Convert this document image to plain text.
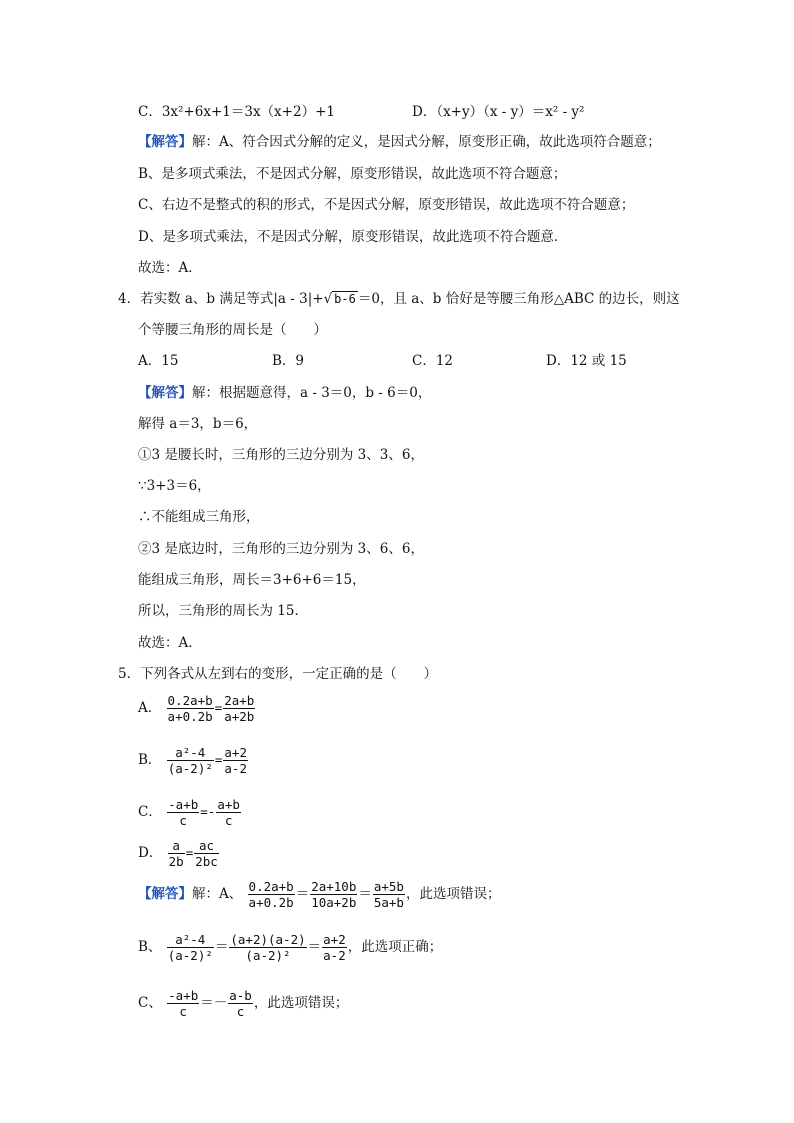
C．3x²+6x+1＝3x（x+2）+1	D．（x+y）（x - y）＝x² - y²
【解答】解：A、符合因式分解的定义，是因式分解，原变形正确，故此选项符合题意；
B、是多项式乘法，不是因式分解，原变形错误，故此选项不符合题意；
C、右边不是整式的积的形式，不是因式分解，原变形错误，故此选项不符合题意；
D、是多项式乘法，不是因式分解，原变形错误，故此选项不符合题意．
故选：A．
4．若实数 a、b 满足等式|a - 3|+√ b-6 ＝0，且 a、b 恰好是等腰三角形△ABC 的边长，则这
个等腰三角形的周长是（　　）
A．15	B．9	C．12	D．12 或 15
【解答】解：根据题意得，a - 3＝0，b - 6＝0，
解得 a＝3，b＝6，
①3 是腰长时，三角形的三边分别为 3、3、6，
∵3+3＝6，
∴不能组成三角形，
②3 是底边时，三角形的三边分别为 3、6、6，
能组成三角形，周长＝3+6+6＝15，
所以，三角形的周长为 15．
故选：A．
5．下列各式从左到右的变形，一定正确的是（　　）
A． $\frac{0.2a+b}{a+0.2b} = \frac{2a+b}{a+2b}$
B． $\frac{\text{a²-4}}{\text{(a-2)²}} = \frac{a+2}{a-2}$
C． $\frac{-a+b}{c} =- \frac{a+b}{c}$
D． $\frac{a}{2b} = \frac{ac}{2bc}$
【解答】解：A、 $\frac{0.2a+b}{a+0.2b} = \frac{2a+10b}{10a+2b} = \frac{a+5b}{5a+b}$ ，此选项错误；
B、 $\frac{\text{a²-4}}{\text{(a-2)²}} = \frac{(a+2)(a-2)}{\text{(a-2)²}} = \frac{a+2}{a-2}$ ，此选项正确；
C、 $\frac{-a+b}{c} =- \frac{a-b}{c}$ ，此选项错误；
